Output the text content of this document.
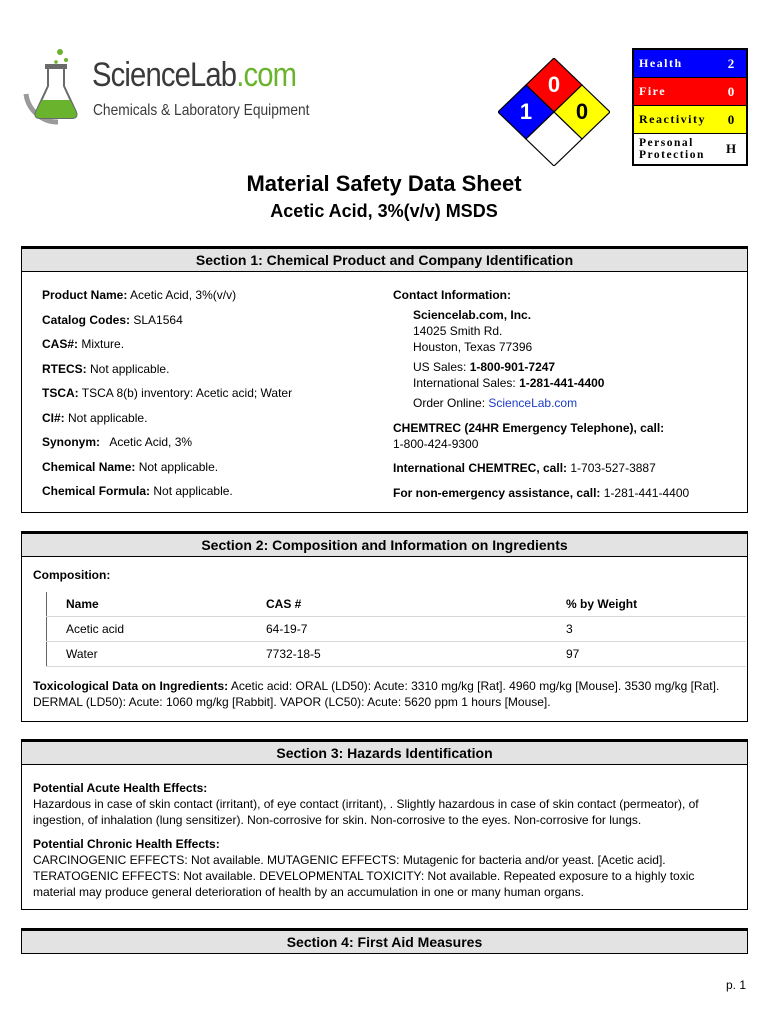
ScienceLab.com
Chemicals & Laboratory Equipment
0
1 0
Health	2
Fire	0
Reactivity	0
Personal
Protection	H
Material Safety Data Sheet
Acetic Acid, 3%(v/v) MSDS
Section 1: Chemical Product and Company Identification
Product Name: Acetic Acid, 3%(v/v)
Catalog Codes: SLA1564
CAS#: Mixture.
RTECS: Not applicable.
TSCA: TSCA 8(b) inventory: Acetic acid; Water
CI#: Not applicable.
Synonym: Acetic Acid, 3%
Chemical Name: Not applicable.
Chemical Formula: Not applicable.
Contact Information:
Sciencelab.com, Inc.
14025 Smith Rd.
Houston, Texas 77396
US Sales: 1-800-901-7247
International Sales: 1-281-441-4400
Order Online: ScienceLab.com
CHEMTREC (24HR Emergency Telephone), call:
1-800-424-9300
International CHEMTREC, call: 1-703-527-3887
For non-emergency assistance, call: 1-281-441-4400
Section 2: Composition and Information on Ingredients
Composition:
Name	CAS #	% by Weight
Acetic acid	64-19-7	3
Water	7732-18-5	97
Toxicological Data on Ingredients: Acetic acid: ORAL (LD50): Acute: 3310 mg/kg [Rat]. 4960 mg/kg [Mouse]. 3530 mg/kg [Rat]. DERMAL (LD50): Acute: 1060 mg/kg [Rabbit]. VAPOR (LC50): Acute: 5620 ppm 1 hours [Mouse].
Section 3: Hazards Identification
Potential Acute Health Effects:
Hazardous in case of skin contact (irritant), of eye contact (irritant), . Slightly hazardous in case of skin contact (permeator), of ingestion, of inhalation (lung sensitizer). Non-corrosive for skin. Non-corrosive to the eyes. Non-corrosive for lungs.
Potential Chronic Health Effects:
CARCINOGENIC EFFECTS: Not available. MUTAGENIC EFFECTS: Mutagenic for bacteria and/or yeast. [Acetic acid]. TERATOGENIC EFFECTS: Not available. DEVELOPMENTAL TOXICITY: Not available. Repeated exposure to a highly toxic material may produce general deterioration of health by an accumulation in one or many human organs.
Section 4: First Aid Measures
p. 1
